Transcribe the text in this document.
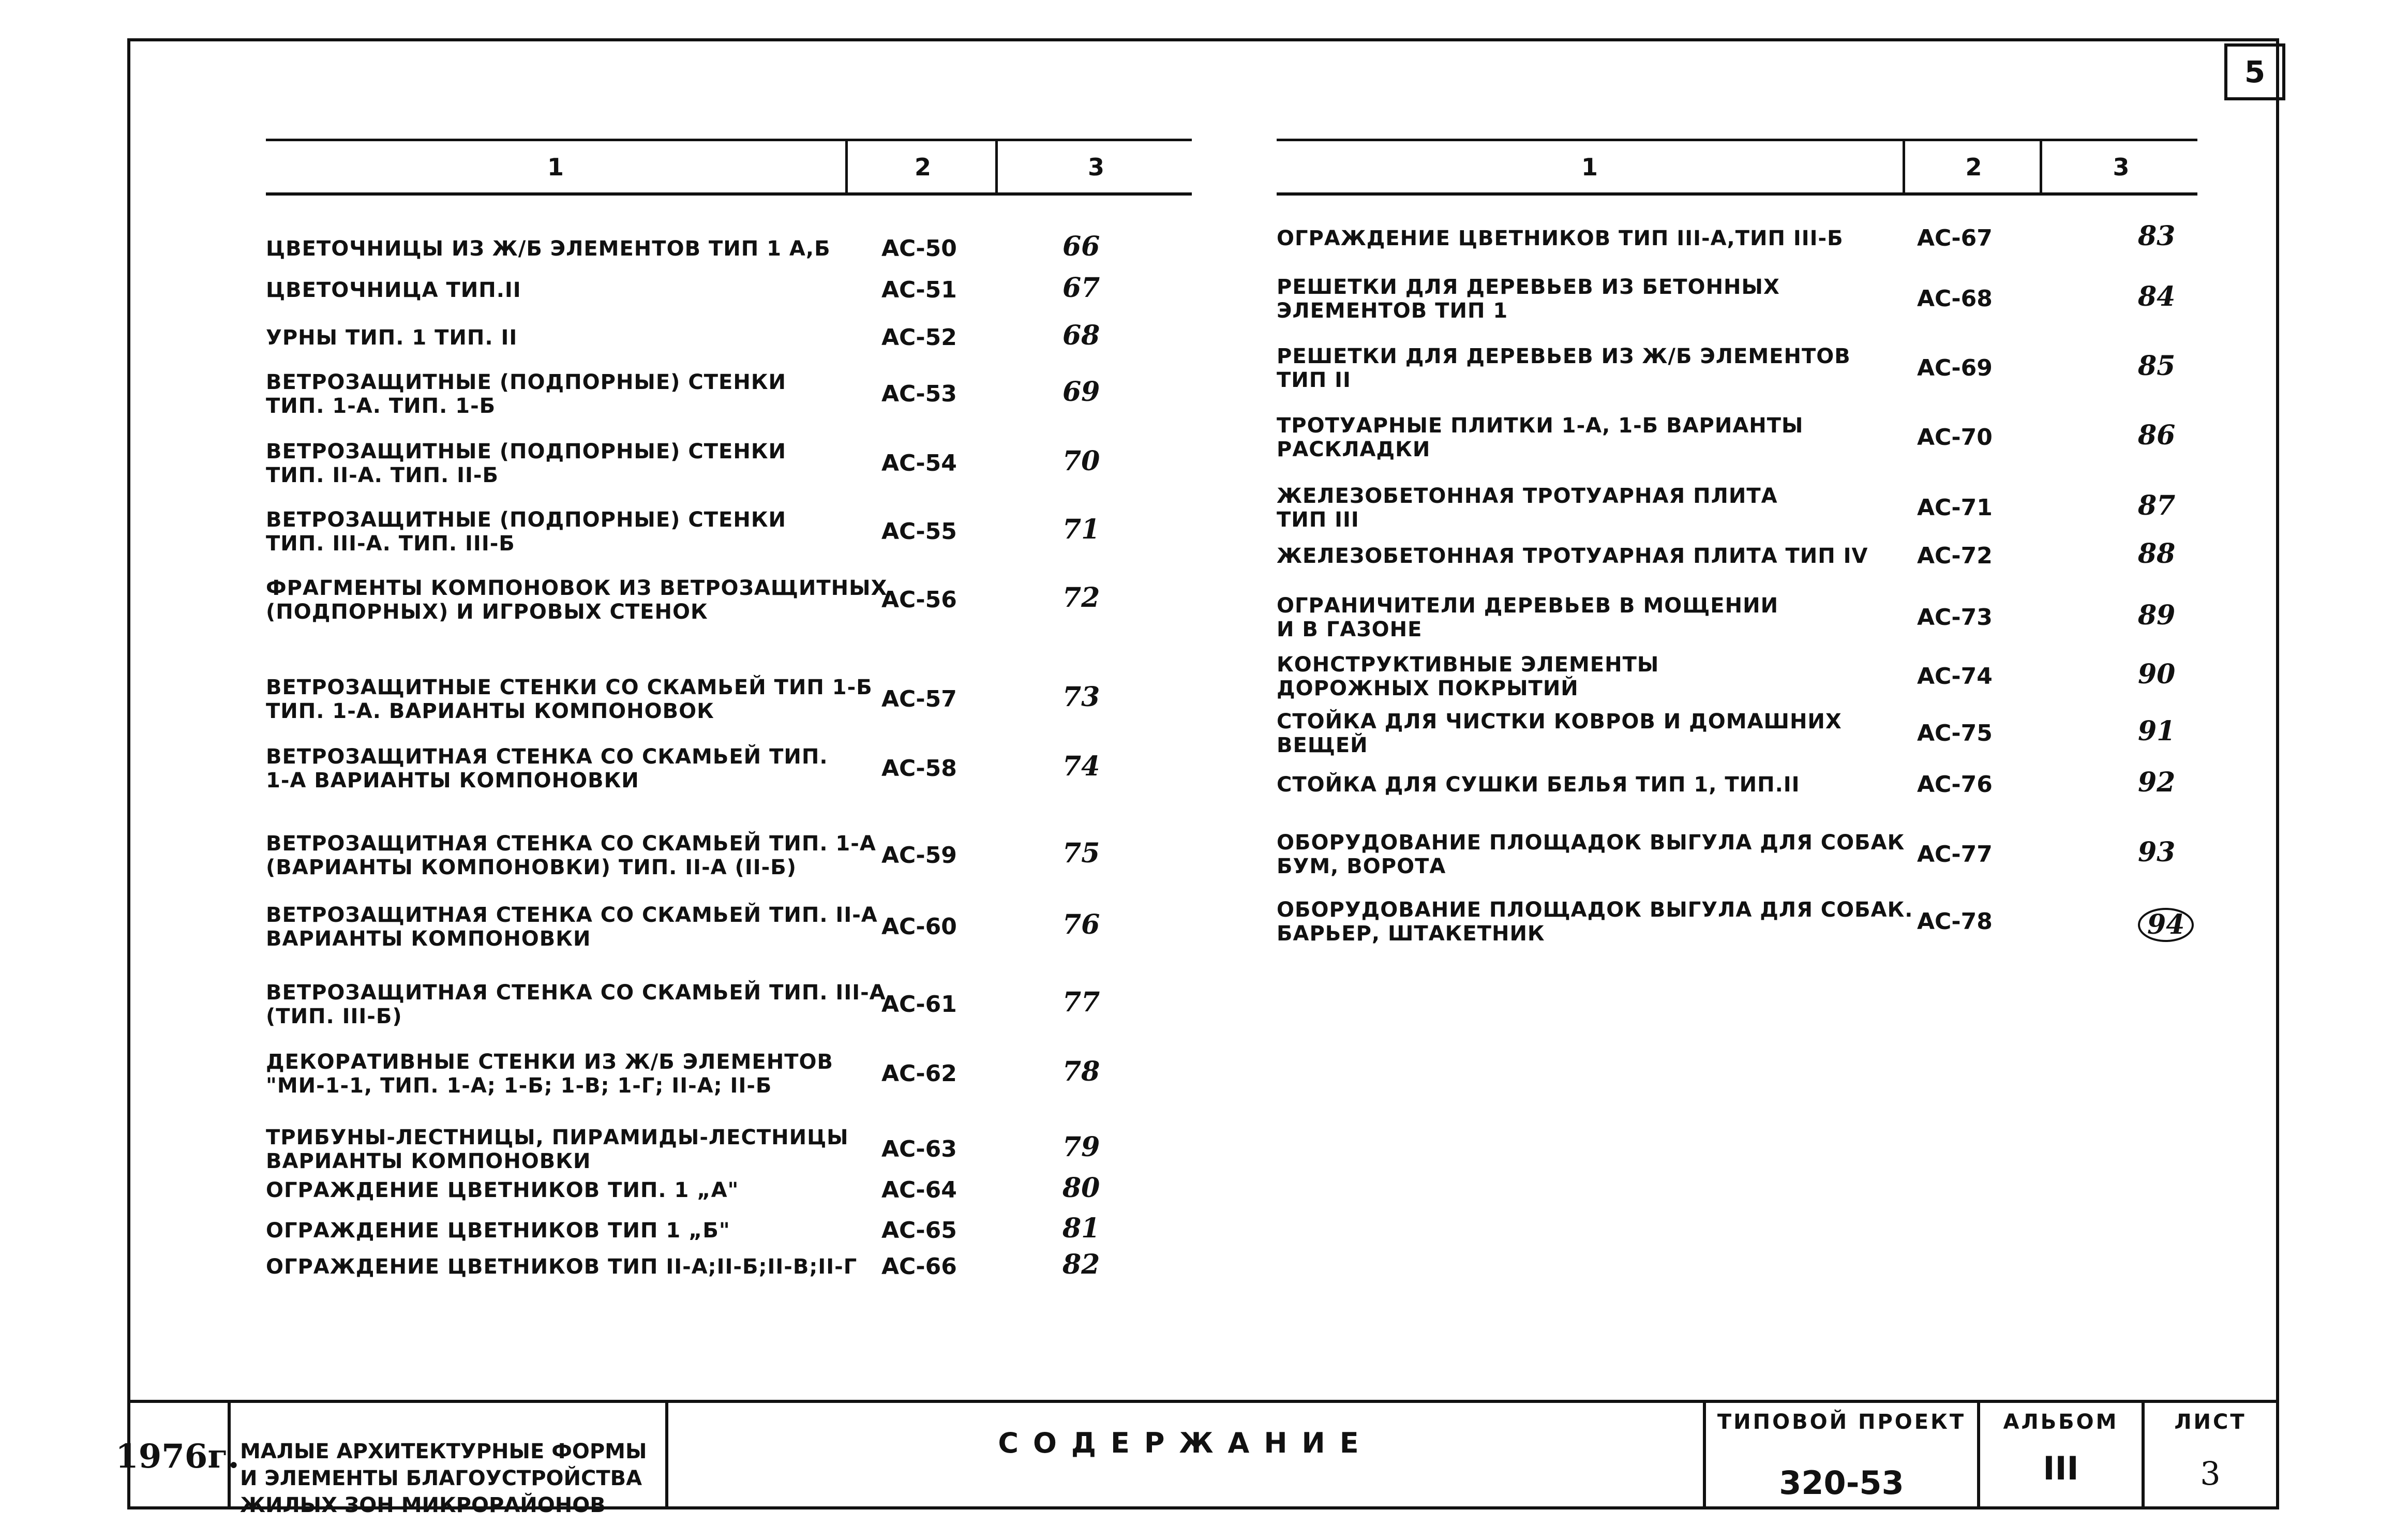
5
1	2	3
ЦВЕТОЧНИЦЫ ИЗ Ж/Б ЭЛЕМЕНТОВ ТИП 1 А,Б АС-50	66
ЦВЕТОЧНИЦА ТИП.II	АС-51	67
УРНЫ ТИП. 1 ТИП. II	АС-52	68
ВЕТРОЗАЩИТНЫЕ (ПОДПОРНЫЕ) СТЕНКИ
ТИП. 1-А. ТИП. 1-Б	АС-53	69
ВЕТРОЗАЩИТНЫЕ (ПОДПОРНЫЕ) СТЕНКИ
ТИП. II-А. ТИП. II-Б	АС-54	70
ВЕТРОЗАЩИТНЫЕ (ПОДПОРНЫЕ) СТЕНКИ
ТИП. III-А. ТИП. III-Б	АС-55	71
ФРАГМЕНТЫ КОМПОНОВОК ИЗ ВЕТРОЗАЩИТНЫХ
(ПОДПОРНЫХ) И ИГРОВЫХ СТЕНОК	АС-56	72
ВЕТРОЗАЩИТНЫЕ СТЕНКИ СО СКАМЬЕЙ ТИП 1-Б
ТИП. 1-А. ВАРИАНТЫ КОМПОНОВОК	АС-57	73
ВЕТРОЗАЩИТНАЯ СТЕНКА СО СКАМЬЕЙ ТИП.
1-А ВАРИАНТЫ КОМПОНОВКИ	АС-58	74
ВЕТРОЗАЩИТНАЯ СТЕНКА СО СКАМЬЕЙ ТИП. 1-А
(ВАРИАНТЫ КОМПОНОВКИ) ТИП. II-А (II-Б)	АС-59	75
ВЕТРОЗАЩИТНАЯ СТЕНКА СО СКАМЬЕЙ ТИП. II-А
ВАРИАНТЫ КОМПОНОВКИ	АС-60	76
ВЕТРОЗАЩИТНАЯ СТЕНКА СО СКАМЬЕЙ ТИП. III-А
(ТИП. III-Б)	АС-61	77
ДЕКОРАТИВНЫЕ СТЕНКИ ИЗ Ж/Б ЭЛЕМЕНТОВ
"МИ-1-1, ТИП. 1-А; 1-Б; 1-В; 1-Г; II-А; II-Б	АС-62	78
ТРИБУНЫ-ЛЕСТНИЦЫ, ПИРАМИДЫ-ЛЕСТНИЦЫ
ВАРИАНТЫ КОМПОНОВКИ	АС-63	79
ОГРАЖДЕНИЕ ЦВЕТНИКОВ ТИП. 1 „А"	АС-64	80
ОГРАЖДЕНИЕ ЦВЕТНИКОВ ТИП 1 „Б"	АС-65	81
ОГРАЖДЕНИЕ ЦВЕТНИКОВ ТИП II-А;II-Б;II-В;II-Г АС-66	82
1	2	3
ОГРАЖДЕНИЕ ЦВЕТНИКОВ ТИП III-А,ТИП III-Б	АС-67	83
РЕШЕТКИ ДЛЯ ДЕРЕВЬЕВ ИЗ БЕТОННЫХ
ЭЛЕМЕНТОВ ТИП 1	АС-68	84
РЕШЕТКИ ДЛЯ ДЕРЕВЬЕВ ИЗ Ж/Б ЭЛЕМЕНТОВ
ТИП II	АС-69	85
ТРОТУАРНЫЕ ПЛИТКИ 1-А, 1-Б ВАРИАНТЫ
РАСКЛАДКИ	АС-70	86
ЖЕЛЕЗОБЕТОННАЯ ТРОТУАРНАЯ ПЛИТА
ТИП III	АС-71	87
ЖЕЛЕЗОБЕТОННАЯ ТРОТУАРНАЯ ПЛИТА ТИП IV АС-72	88
ОГРАНИЧИТЕЛИ ДЕРЕВЬЕВ В МОЩЕНИИ
И В ГАЗОНЕ	АС-73	89
КОНСТРУКТИВНЫЕ ЭЛЕМЕНТЫ
ДОРОЖНЫХ ПОКРЫТИЙ	АС-74	90
СТОЙКА ДЛЯ ЧИСТКИ КОВРОВ И ДОМАШНИХ
ВЕЩЕЙ	АС-75	91
СТОЙКА ДЛЯ СУШКИ БЕЛЬЯ ТИП 1, ТИП.II	АС-76	92
ОБОРУДОВАНИЕ ПЛОЩАДОК ВЫГУЛА ДЛЯ СОБАК
БУМ, ВОРОТА	АС-77	93
ОБОРУДОВАНИЕ ПЛОЩАДОК ВЫГУЛА ДЛЯ СОБАК.
БАРЬЕР, ШТАКЕТНИК	АС-78	94
1976г. МАЛЫЕ АРХИТЕКТУРНЫЕ ФОРМЫ
И ЭЛЕМЕНТЫ БЛАГОУСТРОЙСТВА
ЖИЛЫХ ЗОН МИКРОРАЙОНОВ

СОДЕРЖАНИЕ
ТИПОВОЙ ПРОЕКТ
320-53
АЛЬБОМ
III
ЛИСТ
3
